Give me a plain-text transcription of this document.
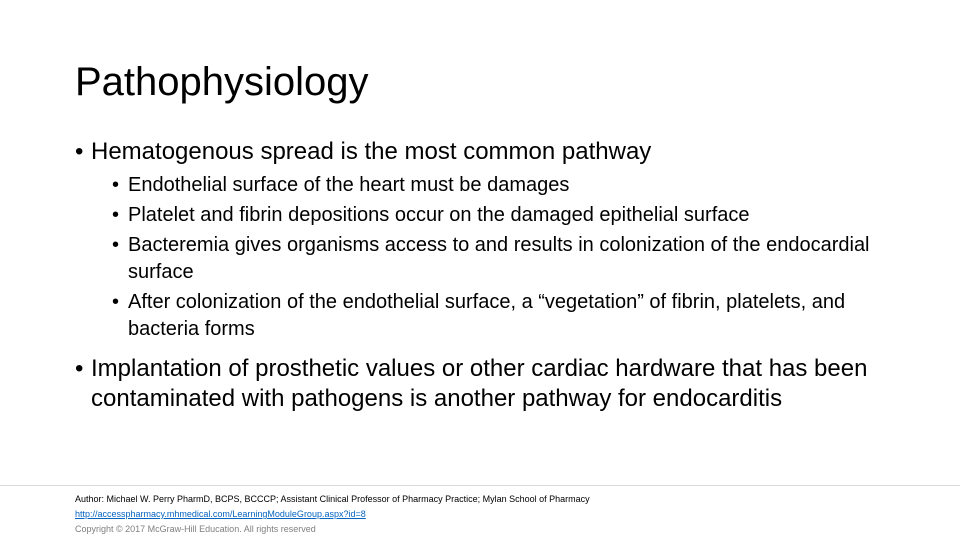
Pathophysiology
• Hematogenous spread is the most common pathway
• Endothelial surface of the heart must be damages
• Platelet and fibrin depositions occur on the damaged epithelial surface
• Bacteremia gives organisms access to and results in colonization of the endocardial surface
• After colonization of the endothelial surface, a “vegetation” of fibrin, platelets, and bacteria forms
• Implantation of prosthetic values or other cardiac hardware that has been contaminated with pathogens is another pathway for endocarditis
Author: Michael W. Perry PharmD, BCPS, BCCCP; Assistant Clinical Professor of Pharmacy Practice; Mylan School of Pharmacy
http://accesspharmacy.mhmedical.com/LearningModuleGroup.aspx?id=8
Copyright © 2017 McGraw-Hill Education. All rights reserved
